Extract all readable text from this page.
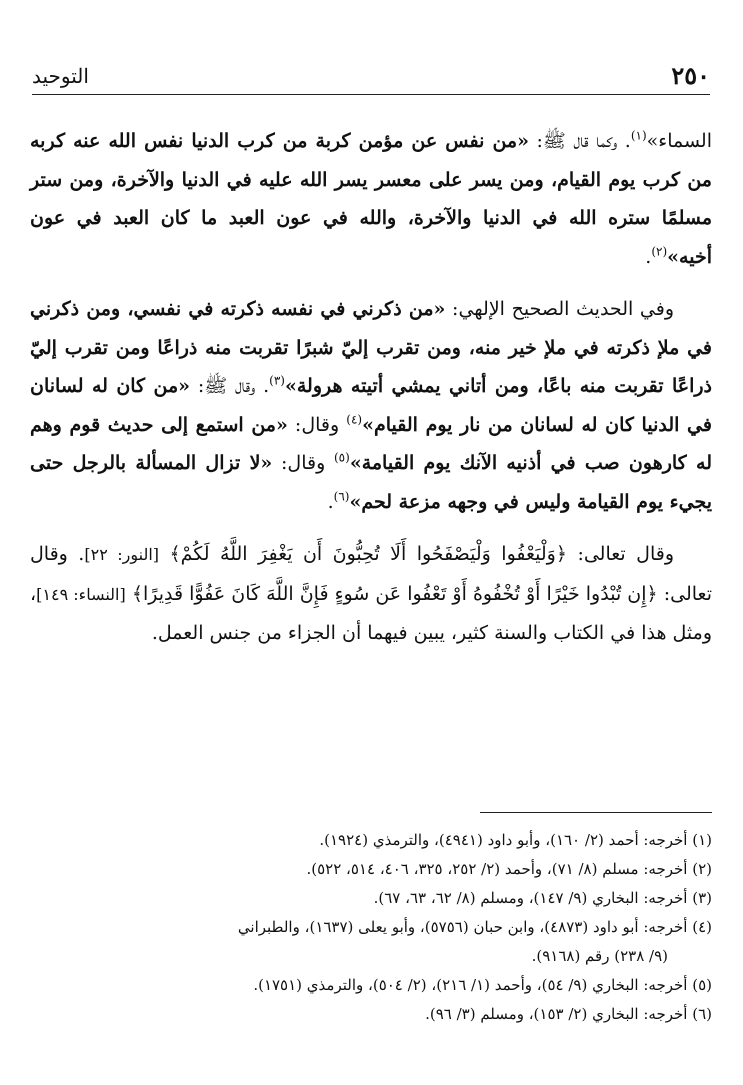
٢٥٠
التوحيد

السماء»$^{(١)}$. وكما قال ﷺ: «من نفس عن مؤمن كربة من كرب الدنيا نفس الله عنه كربه من كرب يوم القيام، ومن يسر على معسر يسر الله عليه في الدنيا والآخرة، ومن ستر مسلمًا ستره الله في الدنيا والآخرة، والله في عون العبد ما كان العبد في عون أخيه»$^{(٢)}$.

وفي الحديث الصحيح الإلهي: «من ذكرني في نفسه ذكرته في نفسي، ومن ذكرني في ملإ ذكرته في ملإ خير منه، ومن تقرب إليّ شبرًا تقربت منه ذراعًا ومن تقرب إليّ ذراعًا تقربت منه باعًا، ومن أتاني يمشي أتيته هرولة»$^{(٣)}$. وقال ﷺ: «من كان له لسانان في الدنيا كان له لسانان من نار يوم القيام»$^{(٤)}$ وقال: «من استمع إلى حديث قوم وهم له كارهون صب في أذنيه الآنك يوم القيامة»$^{(٥)}$ وقال: «لا تزال المسألة بالرجل حتى يجيء يوم القيامة وليس في وجهه مزعة لحم»$^{(٦)}$.

وقال تعالى: ﴿وَلْيَعْفُوا وَلْيَصْفَحُوا أَلَا تُحِبُّونَ أَن يَغْفِرَ اللَّهُ لَكُمْ﴾ [النور: ٢٢]. وقال تعالى: ﴿إِن تُبْدُوا خَيْرًا أَوْ تُخْفُوهُ أَوْ تَعْفُوا عَن سُوءٍ فَإِنَّ اللَّهَ كَانَ عَفُوًّا قَدِيرًا﴾ [النساء: ١٤٩]، ومثل هذا في الكتاب والسنة كثير، يبين فيهما أن الجزاء من جنس العمل.

(١) أخرجه: أحمد (٢/ ١٦٠)، وأبو داود (٤٩٤١)، والترمذي (١٩٢٤).
(٢) أخرجه: مسلم (٨/ ٧١)، وأحمد (٢/ ٢٥٢، ٣٢٥، ٤٠٦، ٥١٤، ٥٢٢).
(٣) أخرجه: البخاري (٩/ ١٤٧)، ومسلم (٨/ ٦٢، ٦٣، ٦٧).
(٤) أخرجه: أبو داود (٤٨٧٣)، وابن حبان (٥٧٥٦)، وأبو يعلى (١٦٣٧)، والطبراني
(٩/ ٢٣٨) رقم (٩١٦٨).
(٥) أخرجه: البخاري (٩/ ٥٤)، وأحمد (١/ ٢١٦)، (٢/ ٥٠٤)، والترمذي (١٧٥١).
(٦) أخرجه: البخاري (٢/ ١٥٣)، ومسلم (٣/ ٩٦).
